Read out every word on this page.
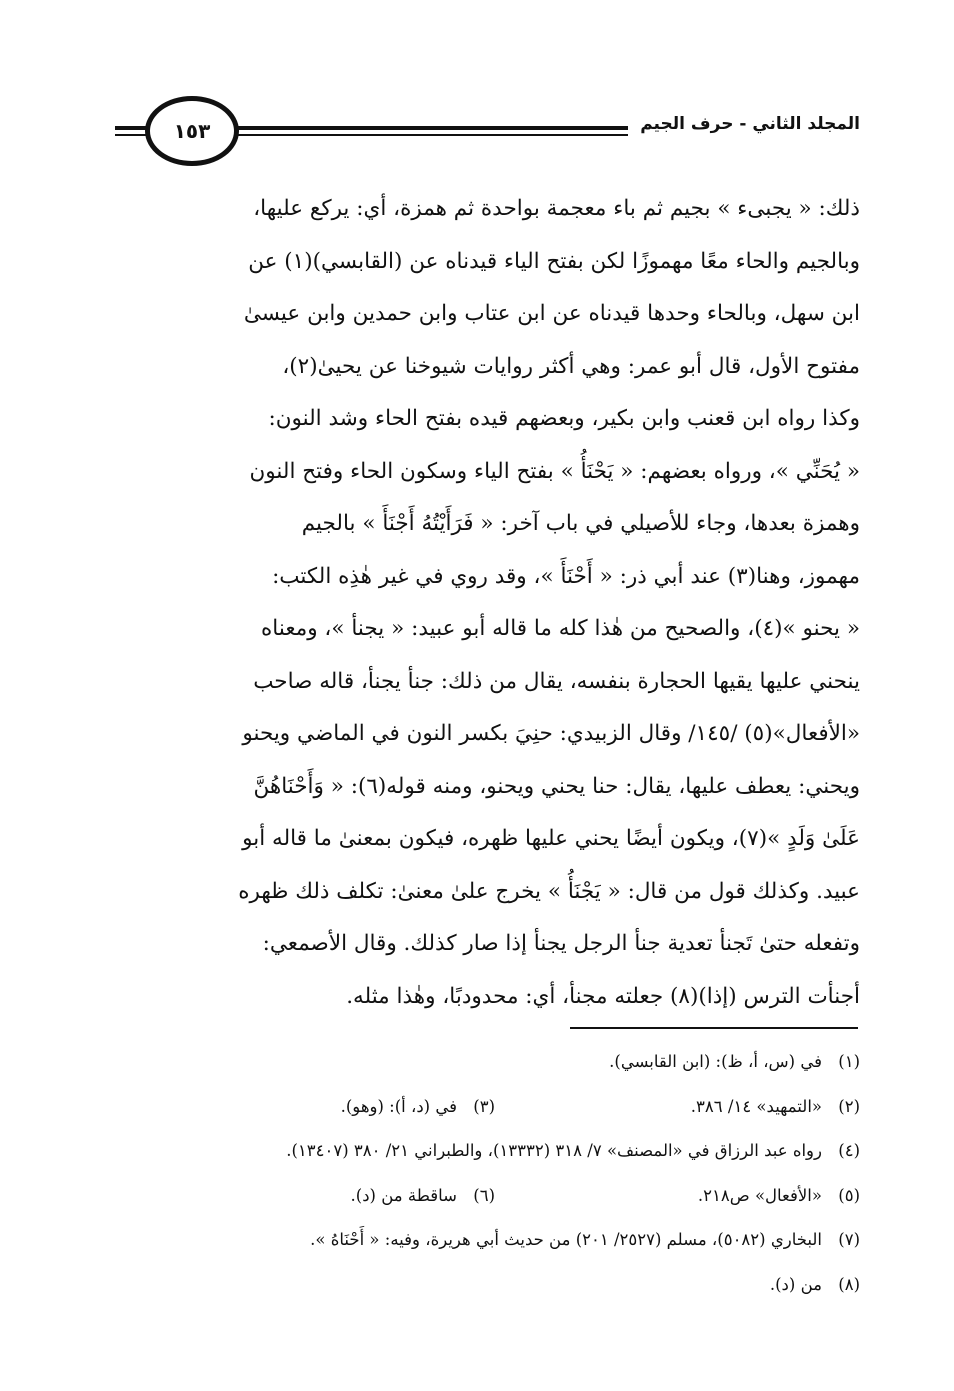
المجلد الثاني - حرف الجيم
١٥٣

ذلك: « يجبىء » بجيم ثم باء معجمة بواحدة ثم همزة، أي: يركع عليها،

وبالجيم والحاء معًا مهموزًا لكن بفتح الياء قيدناه عن (القابسي)(١) عن

ابن سهل، وبالحاء وحدها قيدناه عن ابن عتاب وابن حمدين وابن عيسىٰ

مفتوح الأول، قال أبو عمر: وهي أكثر روايات شيوخنا عن يحيىٰ(٢)،

وكذا رواه ابن قعنب وابن بكير، وبعضهم قيده بفتح الحاء وشد النون:

« يُحَنِّي »، ورواه بعضهم: « يَحْنَأُ » بفتح الياء وسكون الحاء وفتح النون

وهمزة بعدها، وجاء للأصيلي في باب آخر: « فَرَأَيْتُهُ أَجْنَأَ » بالجيم

مهموز، وهنا(٣) عند أبي ذر: « أَحْنَأَ »، وقد روي في غير هٰذِه الكتب:

« يحنو »(٤)، والصحيح من هٰذا كله ما قاله أبو عبيد: « يجنأ »، ومعناه

ينحني عليها يقيها الحجارة بنفسه، يقال من ذلك: جنأ يجنأ، قاله صاحب

«الأفعال»(٥) /١٤٥/ وقال الزبيدي: حنِيَ بكسر النون في الماضي ويحنو

ويحني: يعطف عليها، يقال: حنا يحني ويحنو، ومنه قوله(٦): « وَأَحْنَاهُنَّ

عَلَىٰ وَلَدٍ »(٧)، ويكون أيضًا يحني عليها ظهره، فيكون بمعنىٰ ما قاله أبو

عبيد. وكذلك قول من قال: « يَجْنَأُ » يخرج علىٰ معنىٰ: تكلف ذلك ظهره

وتفعله حتىٰ تَجنأ تعدية جنأ الرجل يجنأ إذا صار كذلك. وقال الأصمعي:

أجنأت الترس (إذا)(٨) جعلته مجنأ، أي: محدودبًا، وهٰذا مثله.

(١)
في (س، أ، ظ): (ابن القابسي).
(٢)
«التمهيد» ١٤/ ٣٨٦.
(٣)
في (د، أ): (وهو).
(٤)
رواه عبد الرزاق في «المصنف» ٧/ ٣١٨ (١٣٣٣٢)، والطبراني ٢١/ ٣٨٠ (١٣٤٠٧).
(٥)
«الأفعال» ص٢١٨.
(٦)
ساقطة من (د).
(٧)
البخاري (٥٠٨٢)، مسلم (٢٥٢٧/ ٢٠١) من حديث أبي هريرة، وفيه: « أَحْنَاهُ ».
(٨)
من (د).
